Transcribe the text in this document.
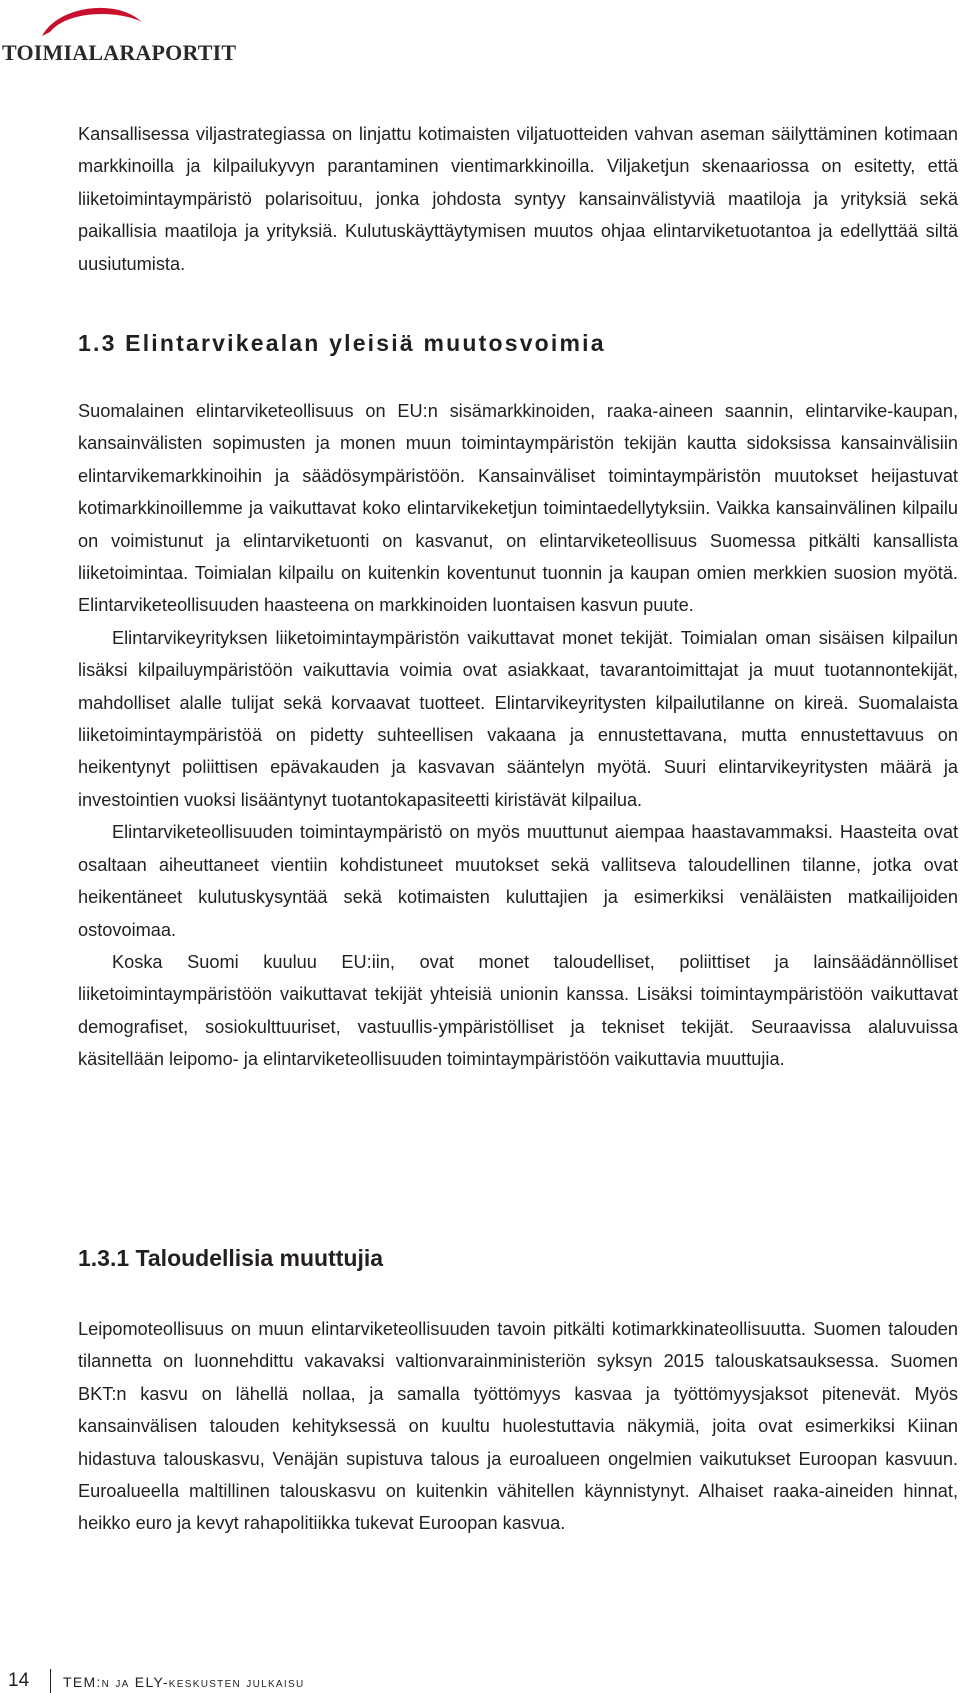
TOIMIALARAPORTIT

Kansallisessa viljastrategiassa on linjattu kotimaisten viljatuotteiden vahvan aseman säilyttäminen kotimaan markkinoilla ja kilpailukyvyn parantaminen vientimarkkinoilla. Viljaketjun skenaariossa on esitetty, että liiketoimintaympäristö polarisoituu, jonka johdosta syntyy kansainvälistyviä maatiloja ja yrityksiä sekä paikallisia maatiloja ja yrityksiä. Kulutuskäyttäytymisen muutos ohjaa elintarviketuotantoa ja edellyttää siltä uusiutumista.

1.3 Elintarvikealan yleisiä muutosvoimia

Suomalainen elintarviketeollisuus on EU:n sisämarkkinoiden, raaka-aineen saannin, elintarvike-kaupan, kansainvälisten sopimusten ja monen muun toimintaympäristön tekijän kautta sidoksissa kansainvälisiin elintarvikemarkkinoihin ja säädösympäristöön. Kansainväliset toimintaympäristön muutokset heijastuvat kotimarkkinoillemme ja vaikuttavat koko elintarvikeketjun toimintaedellytyksiin. Vaikka kansainvälinen kilpailu on voimistunut ja elintarviketuonti on kasvanut, on elintarviketeollisuus Suomessa pitkälti kansallista liiketoimintaa. Toimialan kilpailu on kuitenkin koventunut tuonnin ja kaupan omien merkkien suosion myötä. Elintarviketeollisuuden haasteena on markkinoiden luontaisen kasvun puute.

Elintarvikeyrityksen liiketoimintaympäristön vaikuttavat monet tekijät. Toimialan oman sisäisen kilpailun lisäksi kilpailuympäristöön vaikuttavia voimia ovat asiakkaat, tavarantoimittajat ja muut tuotannontekijät, mahdolliset alalle tulijat sekä korvaavat tuotteet. Elintarvikeyritysten kilpailutilanne on kireä. Suomalaista liiketoimintaympäristöä on pidetty suhteellisen vakaana ja ennustettavana, mutta ennustettavuus on heikentynyt poliittisen epävakauden ja kasvavan sääntelyn myötä. Suuri elintarvikeyritysten määrä ja investointien vuoksi lisääntynyt tuotantokapasiteetti kiristävät kilpailua.

Elintarviketeollisuuden toimintaympäristö on myös muuttunut aiempaa haastavammaksi. Haasteita ovat osaltaan aiheuttaneet vientiin kohdistuneet muutokset sekä vallitseva taloudellinen tilanne, jotka ovat heikentäneet kulutuskysyntää sekä kotimaisten kuluttajien ja esimerkiksi venäläisten matkailijoiden ostovoimaa.

Koska Suomi kuuluu EU:iin, ovat monet taloudelliset, poliittiset ja lainsäädännölliset liiketoimintaympäristöön vaikuttavat tekijät yhteisiä unionin kanssa. Lisäksi toimintaympäristöön vaikuttavat demografiset, sosiokulttuuriset, vastuullis-ympäristölliset ja tekniset tekijät. Seuraavissa alaluvuissa käsitellään leipomo- ja elintarviketeollisuuden toimintaympäristöön vaikuttavia muuttujia.

1.3.1 Taloudellisia muuttujia

Leipomoteollisuus on muun elintarviketeollisuuden tavoin pitkälti kotimarkkinateollisuutta. Suomen talouden tilannetta on luonnehdittu vakavaksi valtionvarainministeriön syksyn 2015 talouskatsauksessa. Suomen BKT:n kasvu on lähellä nollaa, ja samalla työttömyys kasvaa ja työttömyysjaksot pitenevät. Myös kansainvälisen talouden kehityksessä on kuultu huolestuttavia näkymiä, joita ovat esimerkiksi Kiinan hidastuva talouskasvu, Venäjän supistuva talous ja euroalueen ongelmien vaikutukset Euroopan kasvuun. Euroalueella maltillinen talouskasvu on kuitenkin vähitellen käynnistynyt. Alhaiset raaka-aineiden hinnat, heikko euro ja kevyt rahapolitiikka tukevat Euroopan kasvua.

14 TEM:n ja ELY-keskusten julkaisu
